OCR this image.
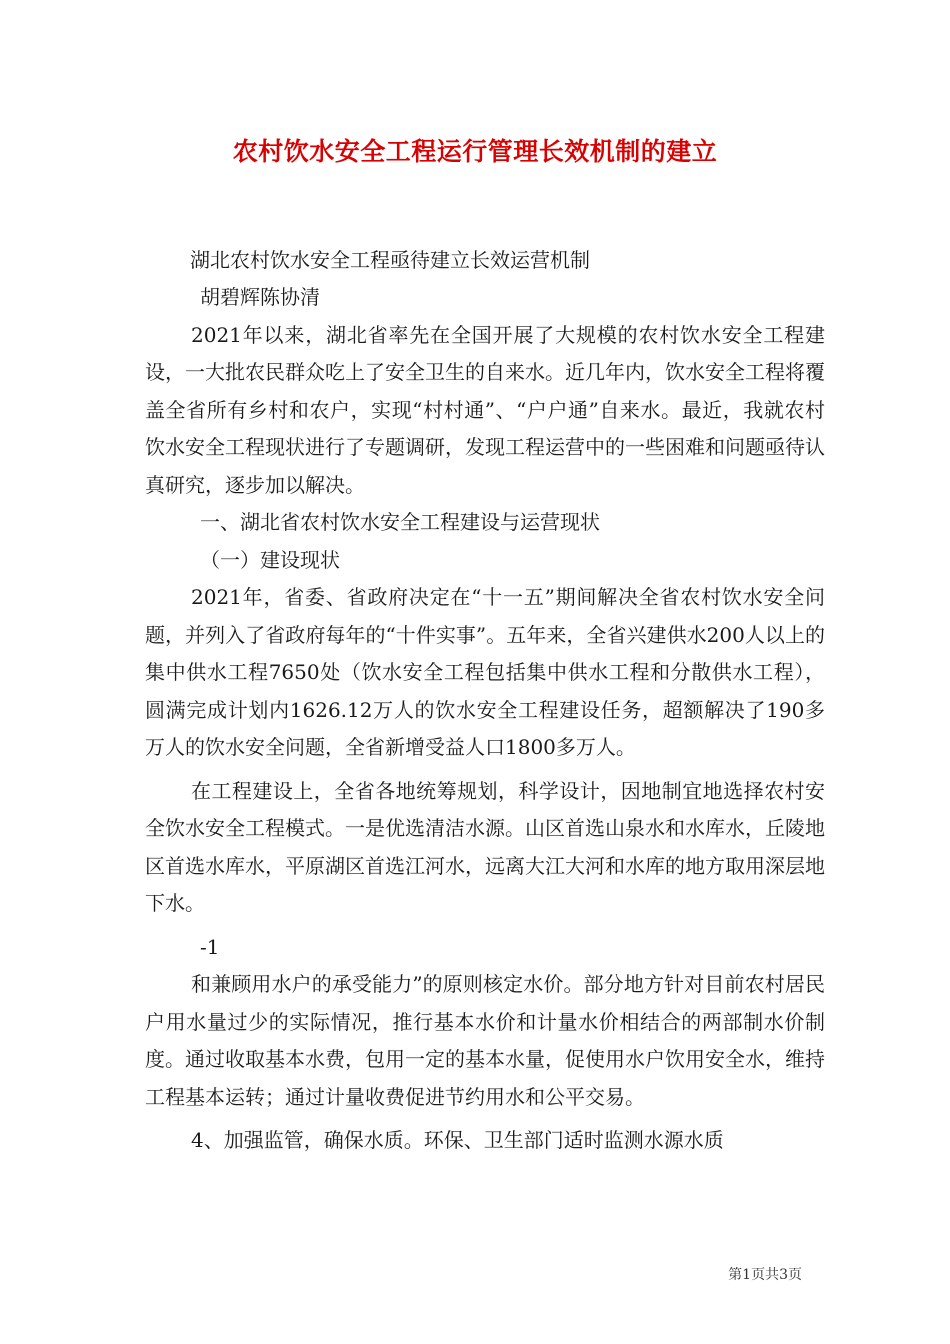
农村饮水安全工程运行管理长效机制的建立

湖北农村饮水安全工程亟待建立长效运营机制

胡碧辉陈协清

2021年以来，湖北省率先在全国开展了大规模的农村饮水安全工程建设，一大批农民群众吃上了安全卫生的自来水。近几年内，饮水安全工程将覆盖全省所有乡村和农户，实现“村村通”、“户户通”自来水。最近，我就农村饮水安全工程现状进行了专题调研，发现工程运营中的一些困难和问题亟待认真研究，逐步加以解决。

一、湖北省农村饮水安全工程建设与运营现状

（一）建设现状

2021年，省委、省政府决定在“十一五”期间解决全省农村饮水安全问题，并列入了省政府每年的“十件实事”。五年来，全省兴建供水200人以上的集中供水工程7650处（饮水安全工程包括集中供水工程和分散供水工程），圆满完成计划内1626.12万人的饮水安全工程建设任务，超额解决了190多万人的饮水安全问题，全省新增受益人口1800多万人。

在工程建设上，全省各地统筹规划，科学设计，因地制宜地选择农村安全饮水安全工程模式。一是优选清洁水源。山区首选山泉水和水库水，丘陵地区首选水库水，平原湖区首选江河水，远离大江大河和水库的地方取用深层地下水。

-1

和兼顾用水户的承受能力”的原则核定水价。部分地方针对目前农村居民户用水量过少的实际情况，推行基本水价和计量水价相结合的两部制水价制度。通过收取基本水费，包用一定的基本水量，促使用水户饮用安全水，维持工程基本运转；通过计量收费促进节约用水和公平交易。

4、加强监管，确保水质。环保、卫生部门适时监测水源水质

第1页共3页
